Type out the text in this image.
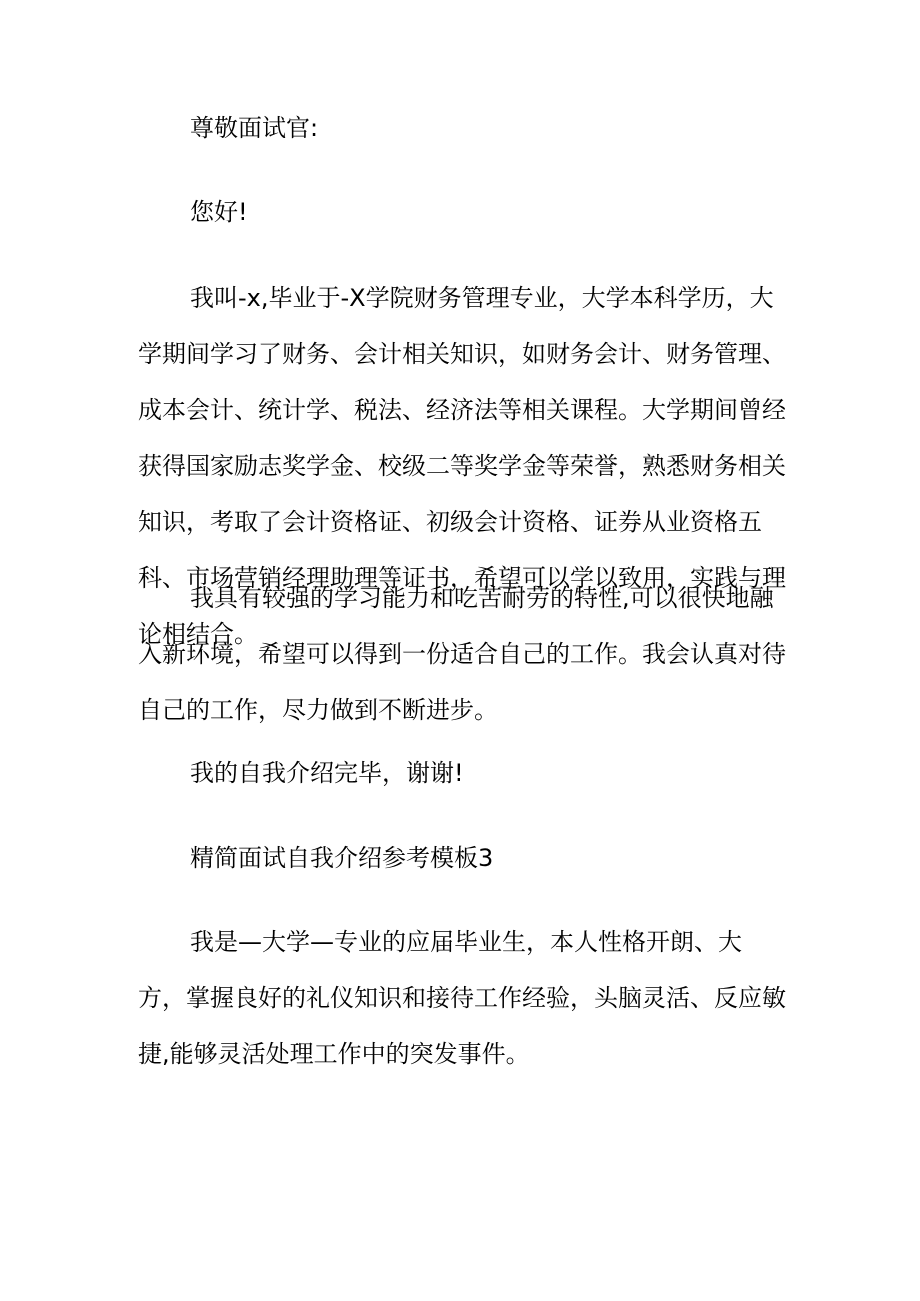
尊敬面试官:

您好!

我叫-x,毕业于-X学院财务管理专业，大学本科学历，大学期间学习了财务、会计相关知识，如财务会计、财务管理、成本会计、统计学、税法、经济法等相关课程。大学期间曾经获得国家励志奖学金、校级二等奖学金等荣誉，熟悉财务相关知识，考取了会计资格证、初级会计资格、证券从业资格五科、市场营销经理助理等证书，希望可以学以致用，实践与理论相结合。

我具有较强的学习能力和吃苦耐劳的特性,可以很快地融入新环境，希望可以得到一份适合自己的工作。我会认真对待自己的工作，尽力做到不断进步。

我的自我介绍完毕，谢谢!

精简面试自我介绍参考模板3

我是—大学—专业的应届毕业生，本人性格开朗、大方，掌握良好的礼仪知识和接待工作经验，头脑灵活、反应敏捷,能够灵活处理工作中的突发事件。
